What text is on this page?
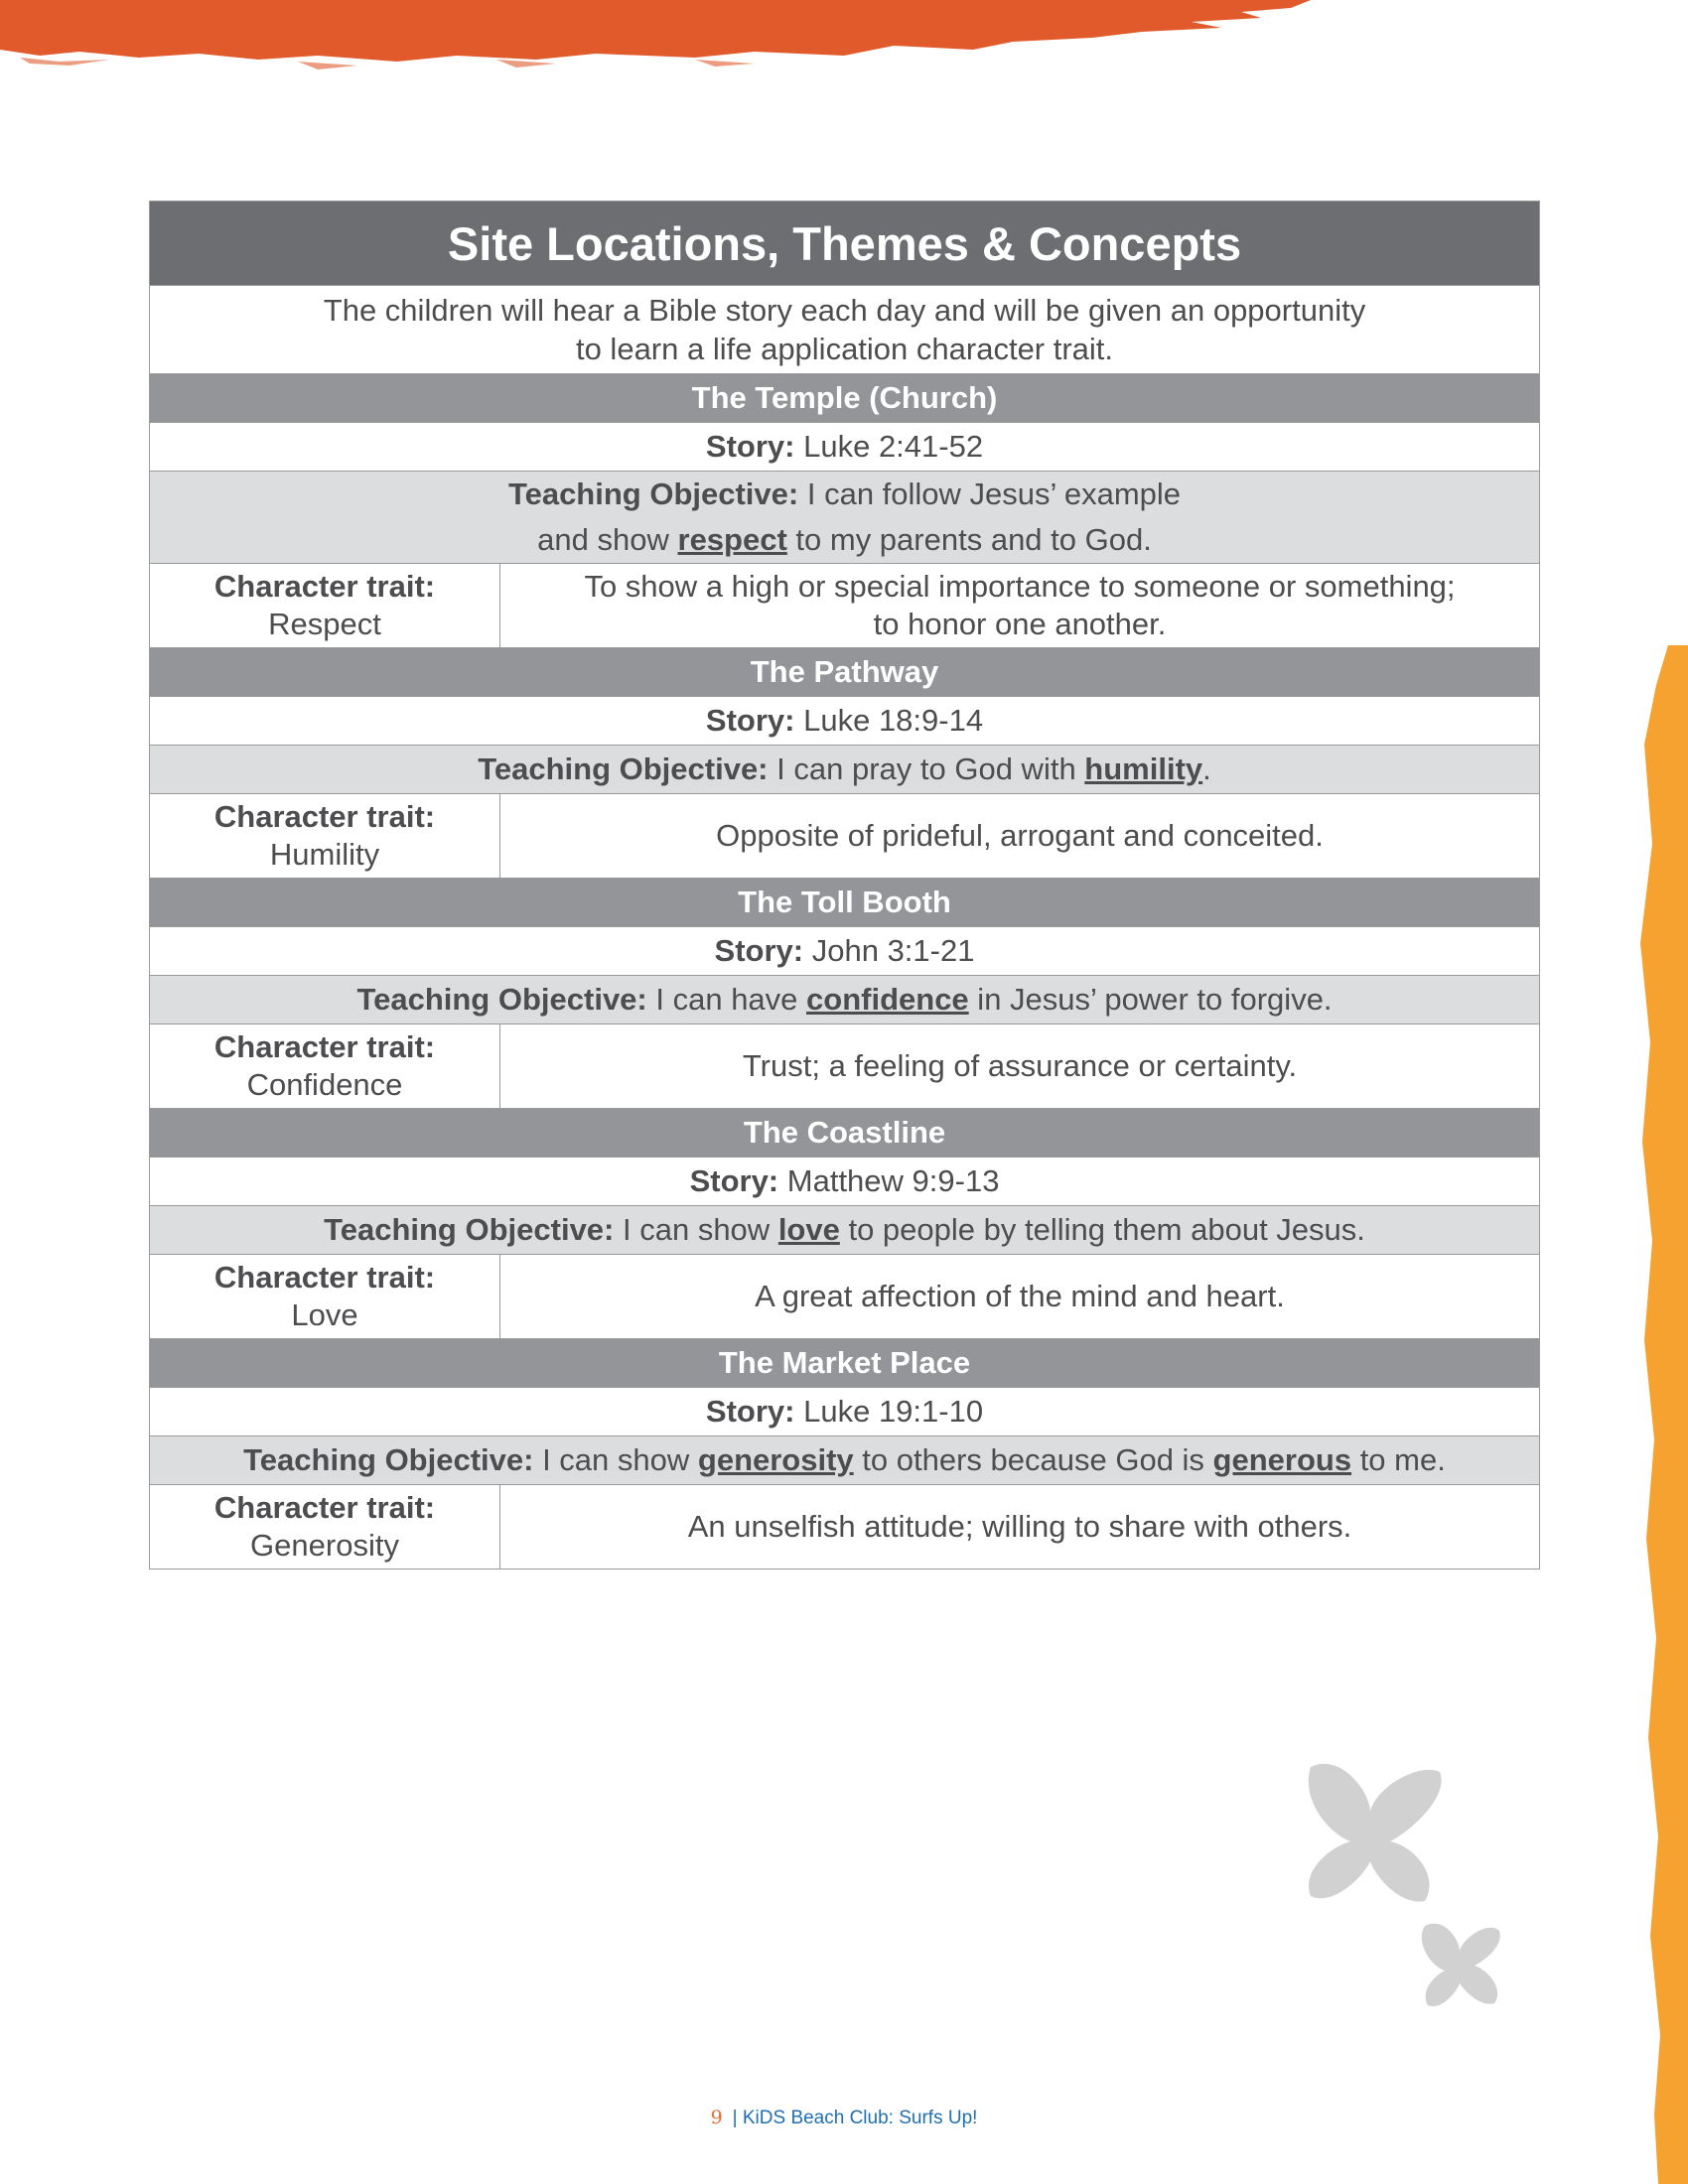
Site Locations, Themes & Concepts	
The children will hear a Bible story each day and will be given an opportunity
to learn a life application character trait.	
The Temple (Church)	
Story: Luke 2:41-52	
Teaching Objective: I can follow Jesus’ example
and show respect to my parents and to God.	
Character trait:
Respect	To show a high or special importance to someone or something;
to honor one another.
The Pathway	
Story: Luke 18:9-14	
Teaching Objective: I can pray to God with humility.	
Character trait:
Humility	Opposite of prideful, arrogant and conceited.
The Toll Booth	
Story: John 3:1-21	
Teaching Objective: I can have confidence in Jesus’ power to forgive.	
Character trait:
Confidence	Trust; a feeling of assurance or certainty.
The Coastline	
Story: Matthew 9:9-13	
Teaching Objective: I can show love to people by telling them about Jesus.	
Character trait:
Love	A great affection of the mind and heart.
The Market Place	
Story: Luke 19:1-10	
Teaching Objective: I can show generosity to others because God is generous to me.	
Character trait:
Generosity	An unselfish attitude; willing to share with others.
9 | KiDS Beach Club: Surfs Up!
